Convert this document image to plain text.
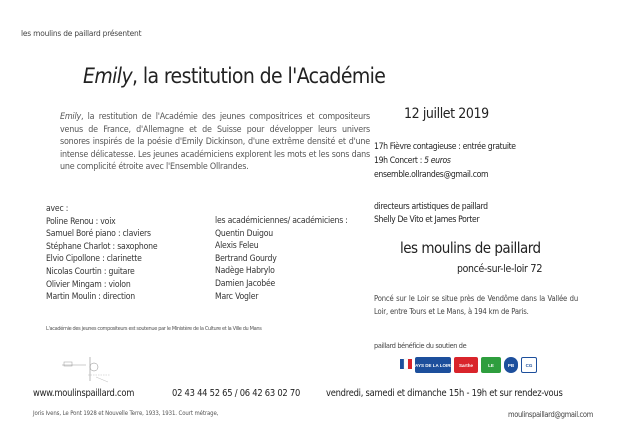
les moulins de paillard présentent
Emily, la restitution de l'Académie
Emily, la restitution de l'Académie des jeunes compositrices et compositeurs venus de France, d'Allemagne et de Suisse pour développer leurs univers sonores inspirés de la poésie d'Emily Dickinson, d'une extrême densité et d'une intense délicatesse. Les jeunes académiciens explorent les mots et les sons dans une complicité étroite avec l'Ensemble Ollrandes.
avec :
Poline Renou : voix
Samuel Boré piano : claviers
Stéphane Charlot : saxophone
Elvio Cipollone : clarinette
Nicolas Courtin : guitare
Olivier Mingam : violon
Martin Moulin : direction
les académiciennes/ académiciens :
Quentin Duigou
Alexis Feleu
Bertrand Gourdy
Nadège Habrylo
Damien Jacobée
Marc Vogler
L'académie des jeunes compositeurs est soutenue par le Ministère de la Culture et la Ville du Mans
12 juillet 2019
17h Fièvre contagieuse : entrée gratuite
19h Concert : 5 euros
ensemble.ollrandes@gmail.com
directeurs artistiques de paillard
Shelly De Vito et James Porter
les moulins de paillard
poncé-sur-le-loir 72
Poncé sur le Loir se situe près de Vendôme dans la Vallée du Loir, entre Tours et Le Mans, à 194 km de Paris.
paillard bénéficie du soutien de
PAYS DE LA LOIRE	Sarthe	LE	PB	CG
www.moulinspaillard.com	02 43 44 52 65 / 06 42 63 02 70	vendredi, samedi et dimanche 15h - 19h et sur rendez-vous
Joris Ivens, Le Pont 1928 et Nouvelle Terre, 1933, 1931. Court métrage,	moulinspaillard@gmail.com
